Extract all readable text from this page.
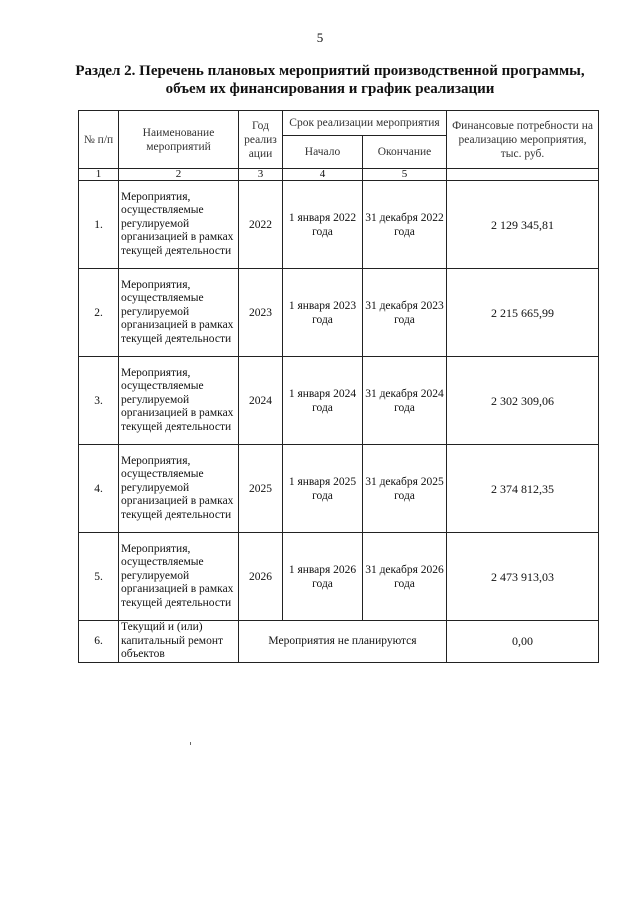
5
Раздел 2. Перечень плановых мероприятий производственной программы,
объем их финансирования и график реализации
№ п/п	Наименование мероприятий	Год реализ ации	Срок реализации мероприятия		Финансовые потребности на реализацию мероприятия, тыс. руб.
			Начало	Окончание	
1	2	3	4	5	
1.	Мероприятия, осуществляемые регулируемой организацией в рамках текущей деятельности	2022	1 января 2022 года	31 декабря 2022 года	2 129 345,81
2.	Мероприятия, осуществляемые регулируемой организацией в рамках текущей деятельности	2023	1 января 2023 года	31 декабря 2023 года	2 215 665,99
3.	Мероприятия, осуществляемые регулируемой организацией в рамках текущей деятельности	2024	1 января 2024 года	31 декабря 2024 года	2 302 309,06
4.	Мероприятия, осуществляемые регулируемой организацией в рамках текущей деятельности	2025	1 января 2025 года	31 декабря 2025 года	2 374 812,35
5.	Мероприятия, осуществляемые регулируемой организацией в рамках текущей деятельности	2026	1 января 2026 года	31 декабря 2026 года	2 473 913,03
6.	Текущий и (или) капитальный ремонт объектов	Мероприятия не планируются			0,00
